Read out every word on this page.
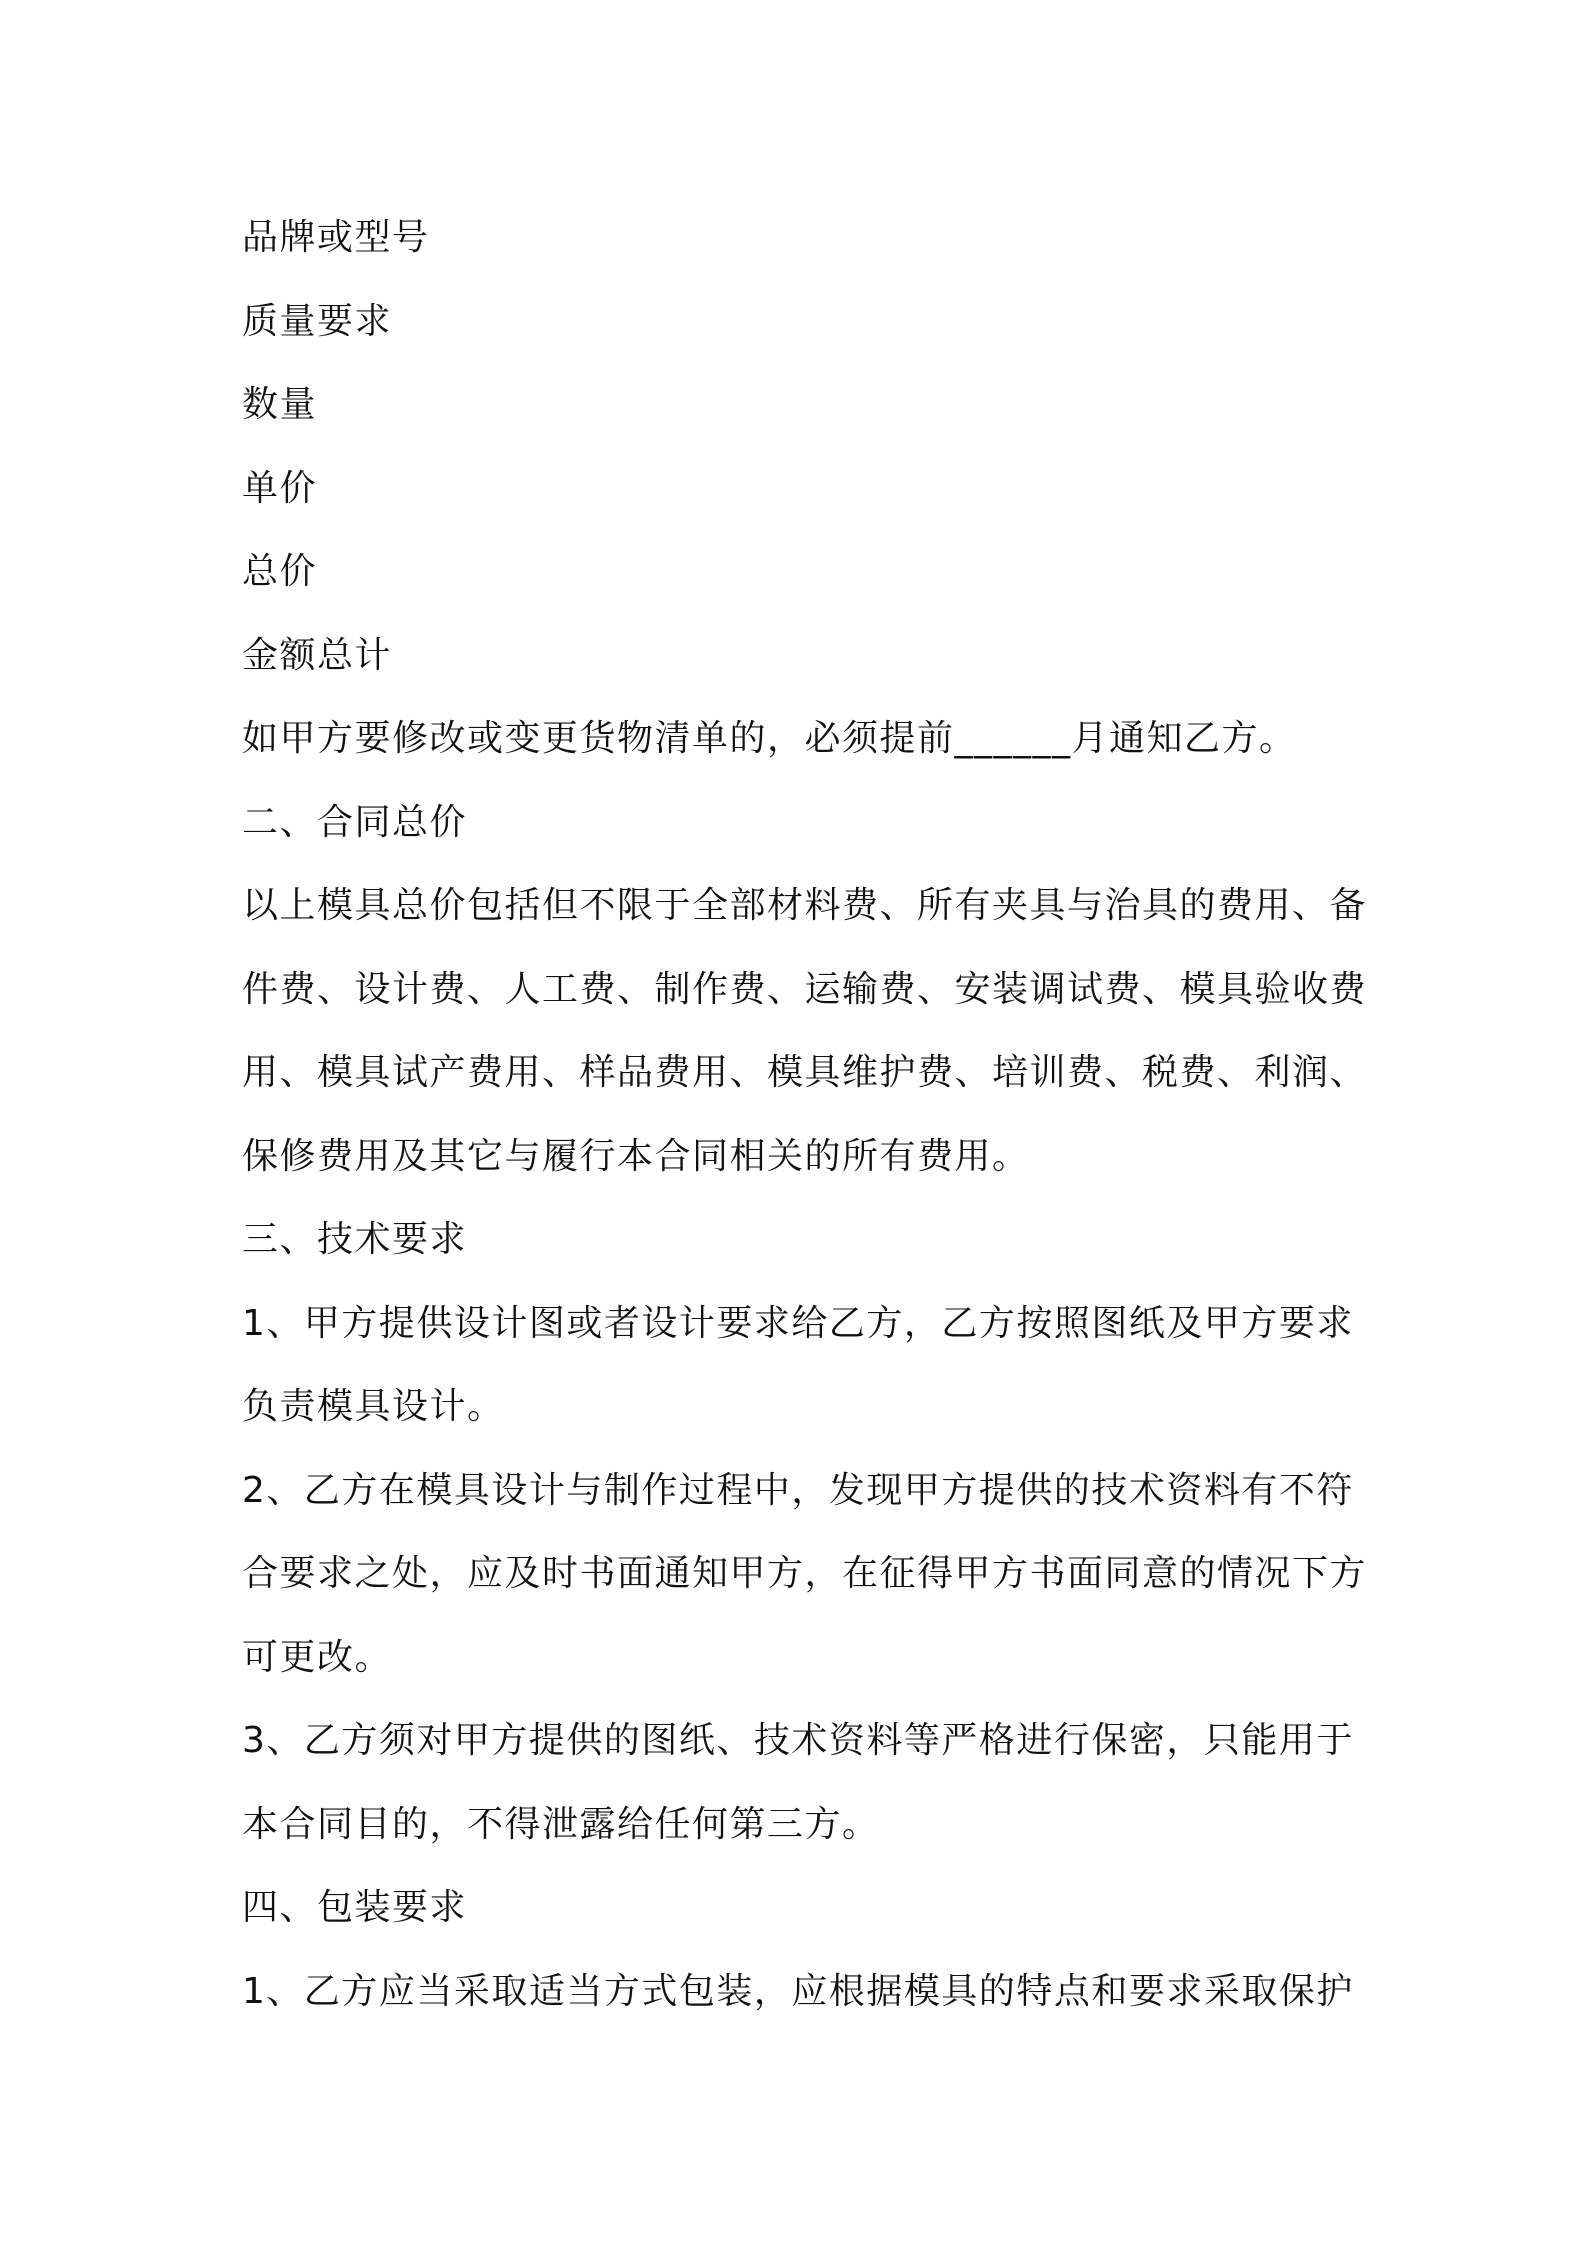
品牌或型号
质量要求
数量
单价
总价
金额总计
如甲方要修改或变更货物清单的，必须提前______月通知乙方。
二、合同总价
以上模具总价包括但不限于全部材料费、所有夹具与治具的费用、备
件费、设计费、人工费、制作费、运输费、安装调试费、模具验收费
用、模具试产费用、样品费用、模具维护费、培训费、税费、利润、
保修费用及其它与履行本合同相关的所有费用。
三、技术要求
1、甲方提供设计图或者设计要求给乙方，乙方按照图纸及甲方要求
负责模具设计。
2、乙方在模具设计与制作过程中，发现甲方提供的技术资料有不符
合要求之处，应及时书面通知甲方，在征得甲方书面同意的情况下方
可更改。
3、乙方须对甲方提供的图纸、技术资料等严格进行保密，只能用于
本合同目的，不得泄露给任何第三方。
四、包装要求
1、乙方应当采取适当方式包装，应根据模具的特点和要求采取保护
